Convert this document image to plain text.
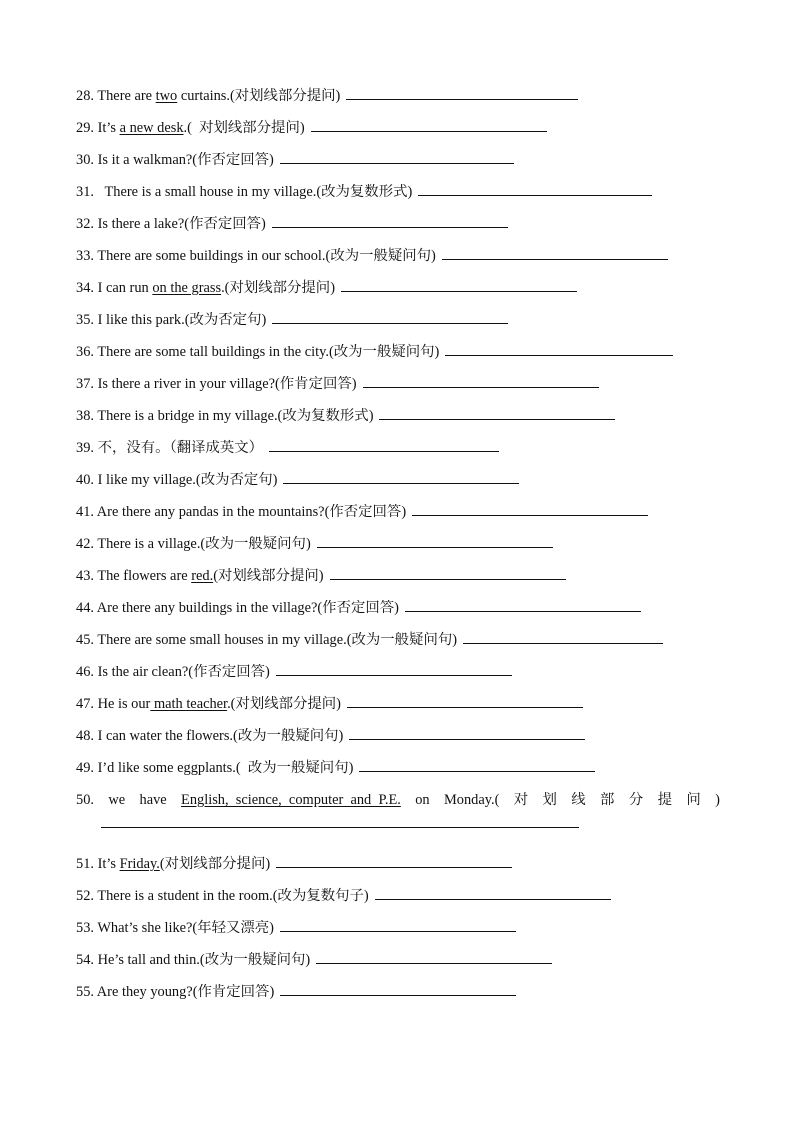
28. There are two curtains.(对划线部分提问)
29. It’s a new desk.(  对划线部分提问)
30. Is it a walkman?(作否定回答)
31.   There is a small house in my village.(改为复数形式)
32. Is there a lake?(作否定回答)
33. There are some buildings in our school.(改为一般疑问句)
34. I can run on the grass.(对划线部分提问)
35. I like this park.(改为否定句)
36. There are some tall buildings in the city.(改为一般疑问句)
37. Is there a river in your village?(作肯定回答)
38. There is a bridge in my village.(改为复数形式)
39. 不，没有。（翻译成英文）
40. I like my village.(改为否定句)
41. Are there any pandas in the mountains?(作否定回答)
42. There is a village.(改为一般疑问句)
43. The flowers are red.(对划线部分提问)
44. Are there any buildings in the village?(作否定回答)
45. There are some small houses in my village.(改为一般疑问句)
46. Is the air clean?(作否定回答)
47. He is our math teacher.(对划线部分提问)
48. I can water the flowers.(改为一般疑问句)
49. I’d like some eggplants.(  改为一般疑问句)
50. we have English,  science,  computer  and  P.E. on Monday.( 对 划 线 部 分 提 问 )
51. It’s Friday.(对划线部分提问)
52. There is a student in the room.(改为复数句子)
53. What’s she like?(年轻又漂亮)
54. He’s tall and thin.(改为一般疑问句)
55. Are they young?(作肯定回答)
